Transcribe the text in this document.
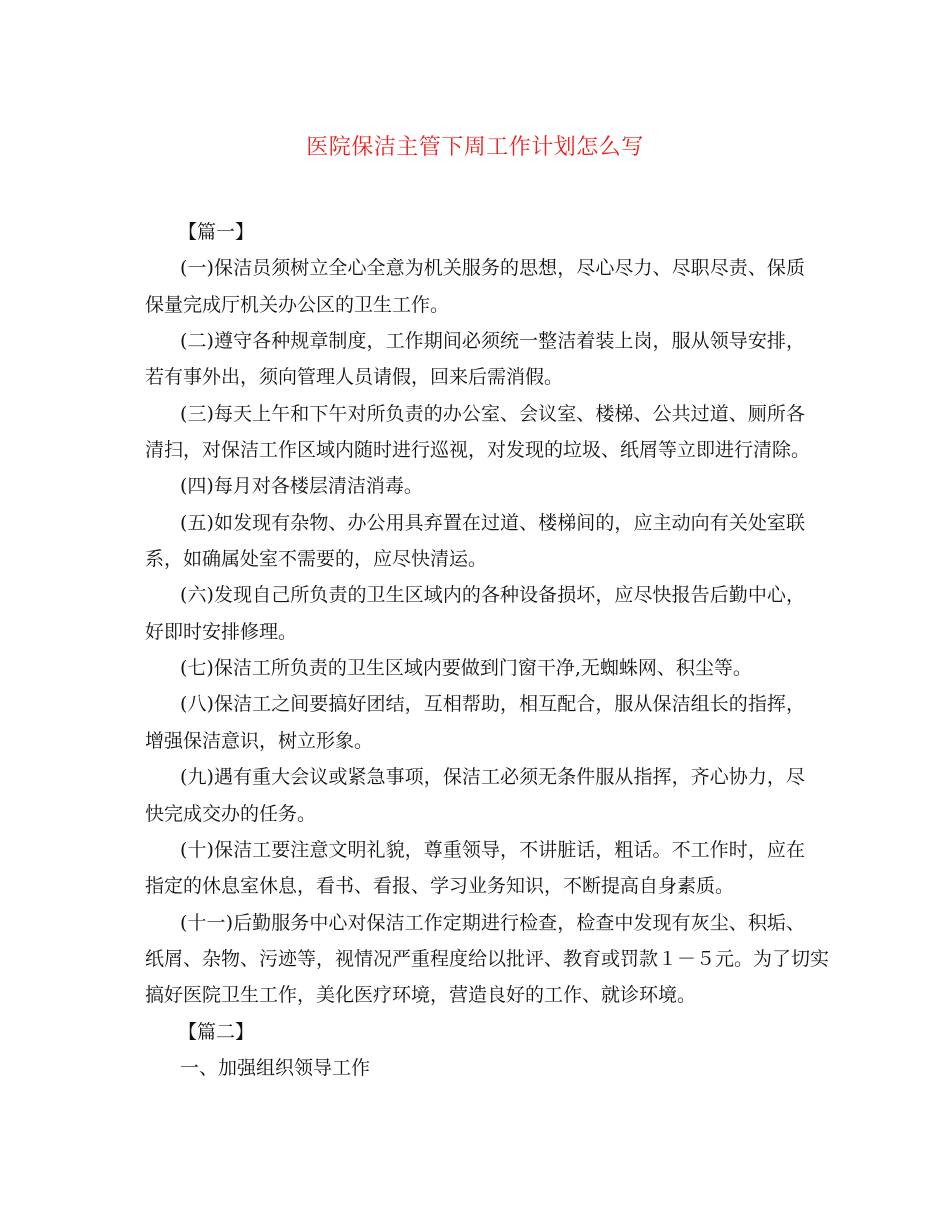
医院保洁主管下周工作计划怎么写
【篇一】
(一)保洁员须树立全心全意为机关服务的思想，尽心尽力、尽职尽责、保质
保量完成厅机关办公区的卫生工作。
(二)遵守各种规章制度，工作期间必须统一整洁着装上岗，服从领导安排，
若有事外出，须向管理人员请假，回来后需消假。
(三)每天上午和下午对所负责的办公室、会议室、楼梯、公共过道、厕所各
清扫，对保洁工作区域内随时进行巡视，对发现的垃圾、纸屑等立即进行清除。
(四)每月对各楼层清洁消毒。
(五)如发现有杂物、办公用具弃置在过道、楼梯间的，应主动向有关处室联
系，如确属处室不需要的，应尽快清运。
(六)发现自己所负责的卫生区域内的各种设备损坏，应尽快报告后勤中心，
好即时安排修理。
(七)保洁工所负责的卫生区域内要做到门窗干净,无蜘蛛网、积尘等。
(八)保洁工之间要搞好团结，互相帮助，相互配合，服从保洁组长的指挥，
增强保洁意识，树立形象。
(九)遇有重大会议或紧急事项，保洁工必须无条件服从指挥，齐心协力，尽
快完成交办的任务。
(十)保洁工要注意文明礼貌，尊重领导，不讲脏话，粗话。不工作时，应在
指定的休息室休息，看书、看报、学习业务知识，不断提高自身素质。
(十一)后勤服务中心对保洁工作定期进行检查，检查中发现有灰尘、积垢、
纸屑、杂物、污迹等，视情况严重程度给以批评、教育或罚款１－５元。为了切实
搞好医院卫生工作，美化医疗环境，营造良好的工作、就诊环境。
【篇二】
一、加强组织领导工作
